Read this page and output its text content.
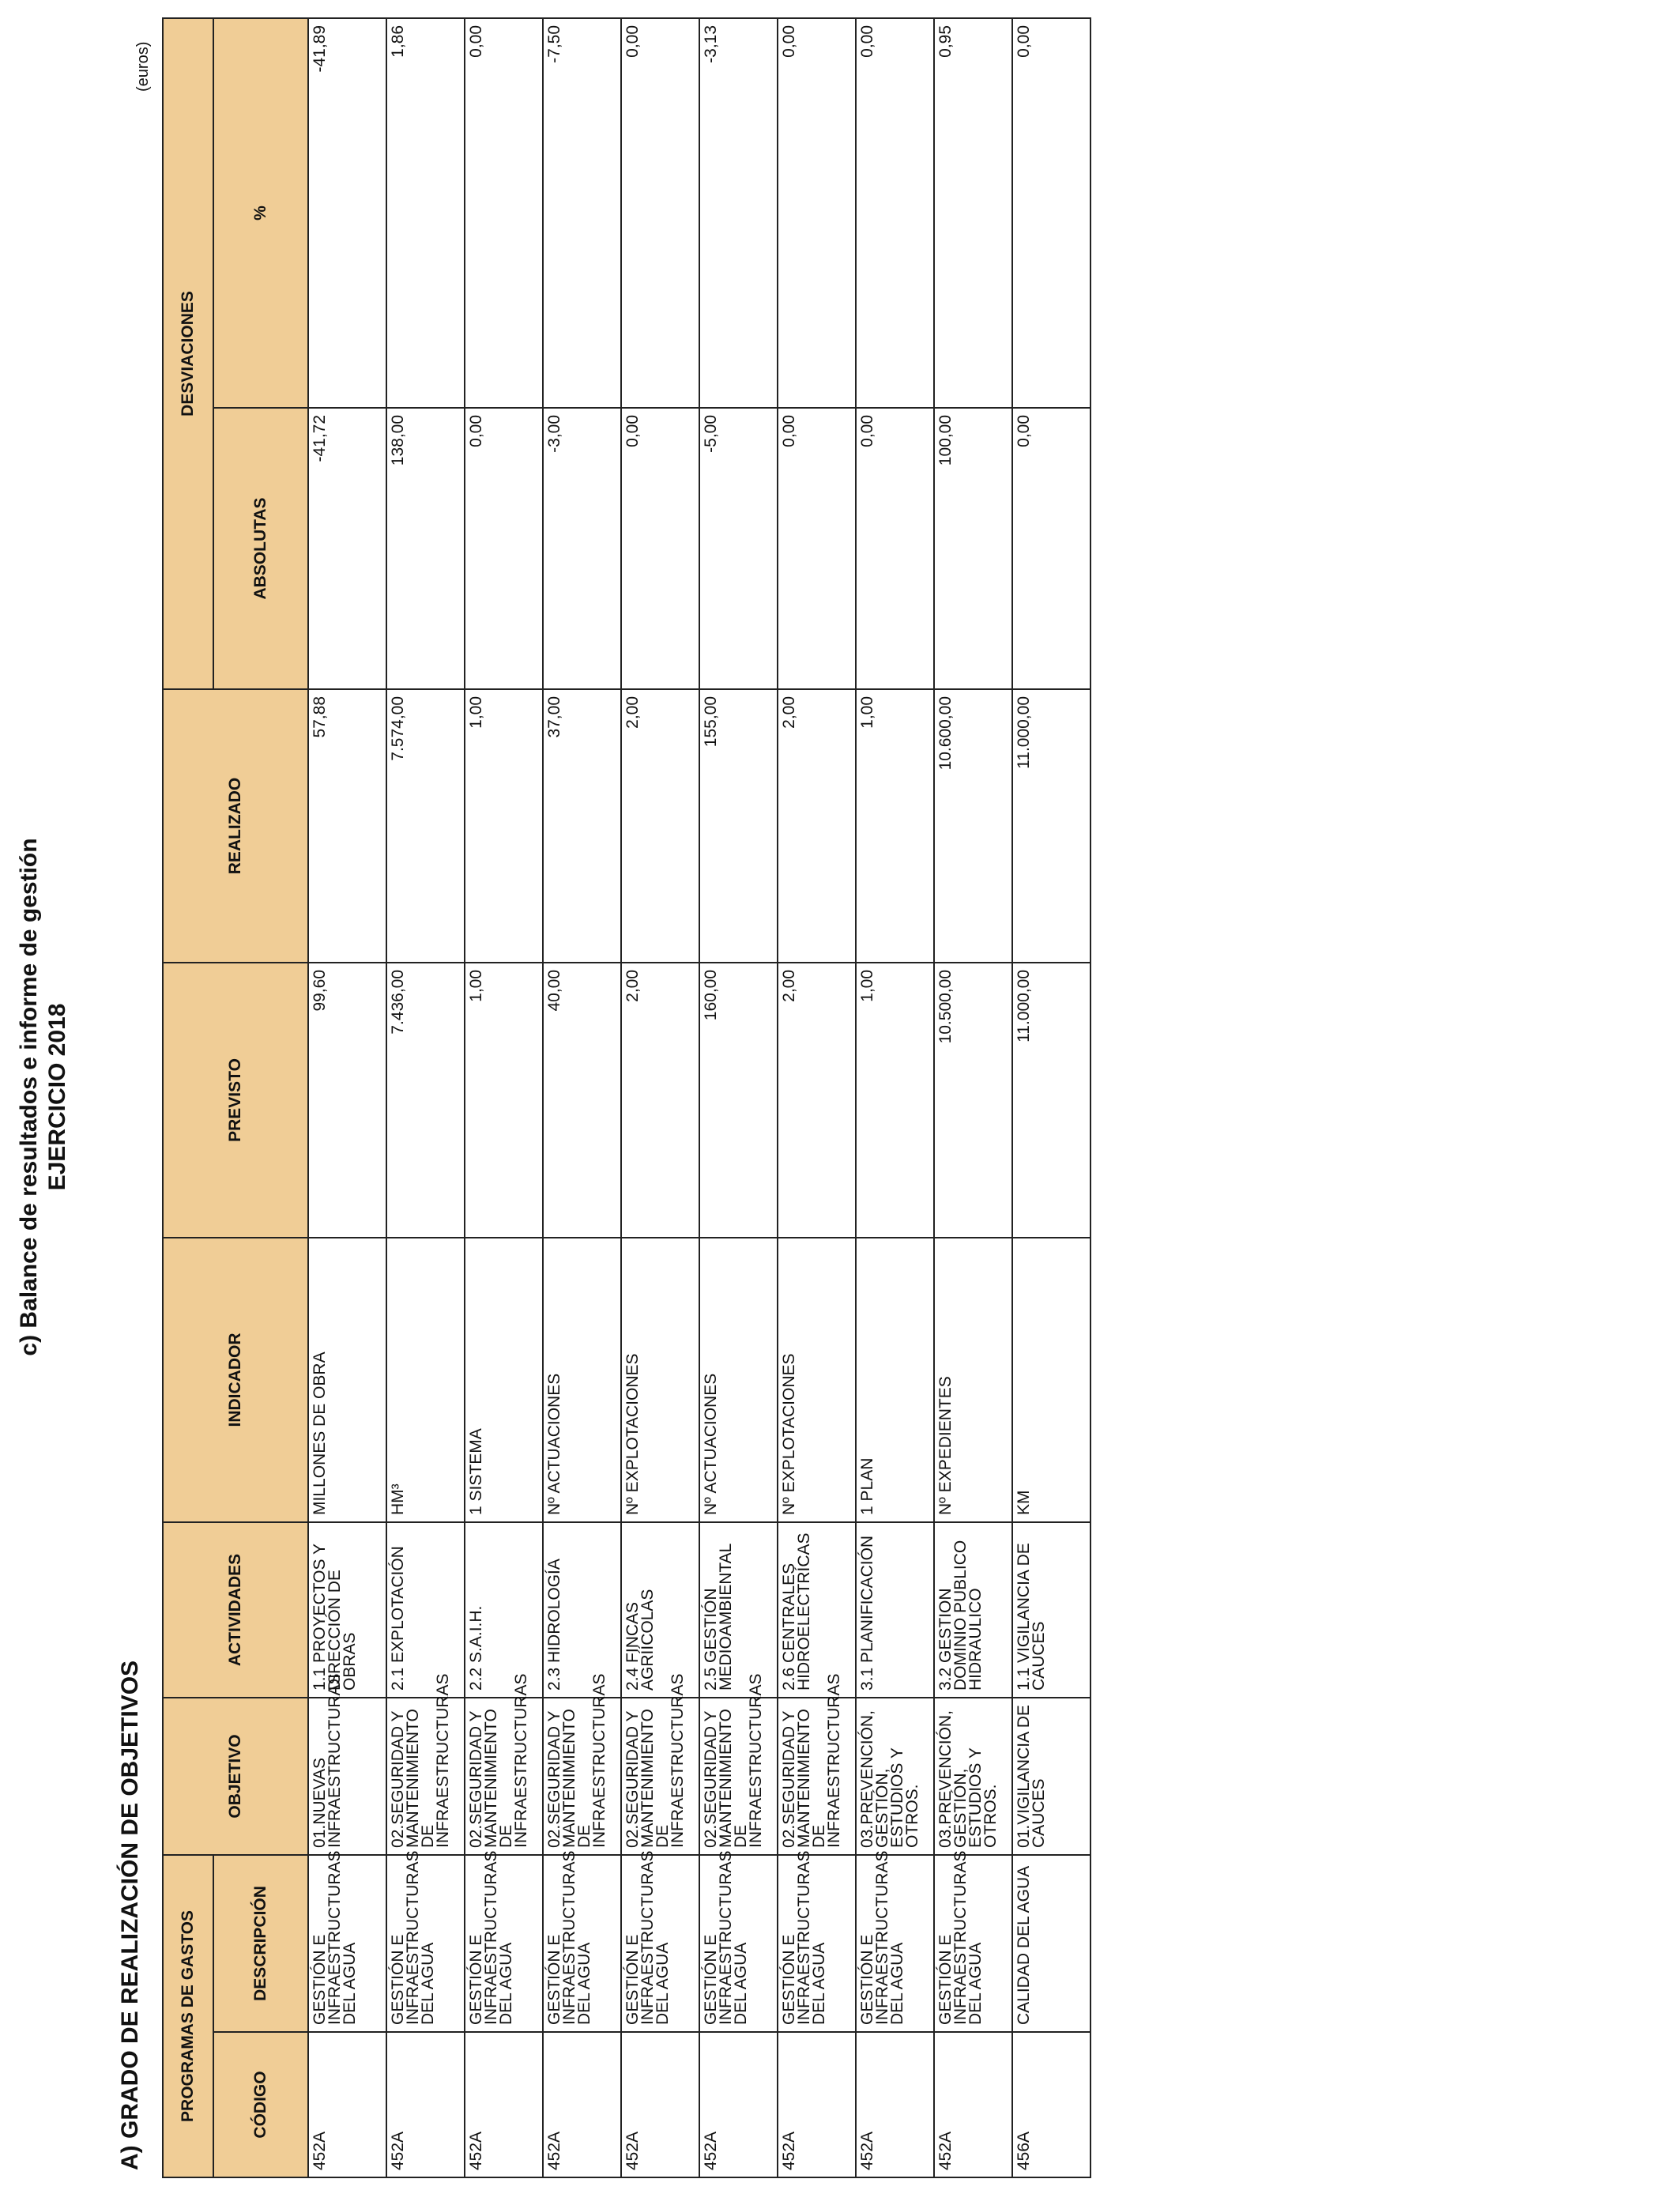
c) Balance de resultados e informe de gestión EJERCICIO 2018
A) GRADO DE REALIZACIÓN DE OBJETIVOS
(euros)
PROGRAMAS DE GASTOS		OBJETIVO	ACTIVIDADES	INDICADOR	PREVISTO	REALIZADO	DESVIACIONES	
CÓDIGO	DESCRIPCIÓN						ABSOLUTAS	%
452A	GESTIÓN E INFRAESTRUCTURAS DEL AGUA	01.NUEVAS INFRAESTRUCTURAS	1.1 PROYECTOS Y DIRECCIÓN DE OBRAS	MILLONES DE OBRA	99,60	57,88	-41,72	-41,89
452A	GESTIÓN E INFRAESTRUCTURAS DEL AGUA	02.SEGURIDAD Y MANTENIMIENTO DE INFRAESTRUCTURAS	2.1 EXPLOTACIÓN	HM³	7.436,00	7.574,00	138,00	1,86
452A	GESTIÓN E INFRAESTRUCTURAS DEL AGUA	02.SEGURIDAD Y MANTENIMIENTO DE INFRAESTRUCTURAS	2.2 S.A.I.H.	1 SISTEMA	1,00	1,00	0,00	0,00
452A	GESTIÓN E INFRAESTRUCTURAS DEL AGUA	02.SEGURIDAD Y MANTENIMIENTO DE INFRAESTRUCTURAS	2.3 HIDROLOGÍA	Nº ACTUACIONES	40,00	37,00	-3,00	-7,50
452A	GESTIÓN E INFRAESTRUCTURAS DEL AGUA	02.SEGURIDAD Y MANTENIMIENTO DE INFRAESTRUCTURAS	2.4 FINCAS AGRÍÍCOLAS	Nº EXPLOTACIONES	2,00	2,00	0,00	0,00
452A	GESTIÓN E INFRAESTRUCTURAS DEL AGUA	02.SEGURIDAD Y MANTENIMIENTO DE INFRAESTRUCTURAS	2.5 GESTIÓN MEDIOAMBIENTAL	Nº ACTUACIONES	160,00	155,00	-5,00	-3,13
452A	GESTIÓN E INFRAESTRUCTURAS DEL AGUA	02.SEGURIDAD Y MANTENIMIENTO DE INFRAESTRUCTURAS	2.6 CENTRALES HIDROELECTRÍCAS	Nº EXPLOTACIONES	2,00	2,00	0,00	0,00
452A	GESTIÓN E INFRAESTRUCTURAS DEL AGUA	03.PREVENCIÓN, GESTIÓN, ESTUDIOS Y OTROS.	3.1 PLANIFICACIÓN	1 PLAN	1,00	1,00	0,00	0,00
452A	GESTIÓN E INFRAESTRUCTURAS DEL AGUA	03.PREVENCIÓN, GESTIÓN, ESTUDIOS Y OTROS.	3.2 GESTION DOMINIO PUBLICO HIDRAULICO	Nº EXPEDIENTES	10.500,00	10.600,00	100,00	0,95
456A	CALIDAD DEL AGUA	01.VIGILANCIA DE CAUCES	1.1 VIGILANCIA DE CAUCES	KM	11.000,00	11.000,00	0,00	0,00
